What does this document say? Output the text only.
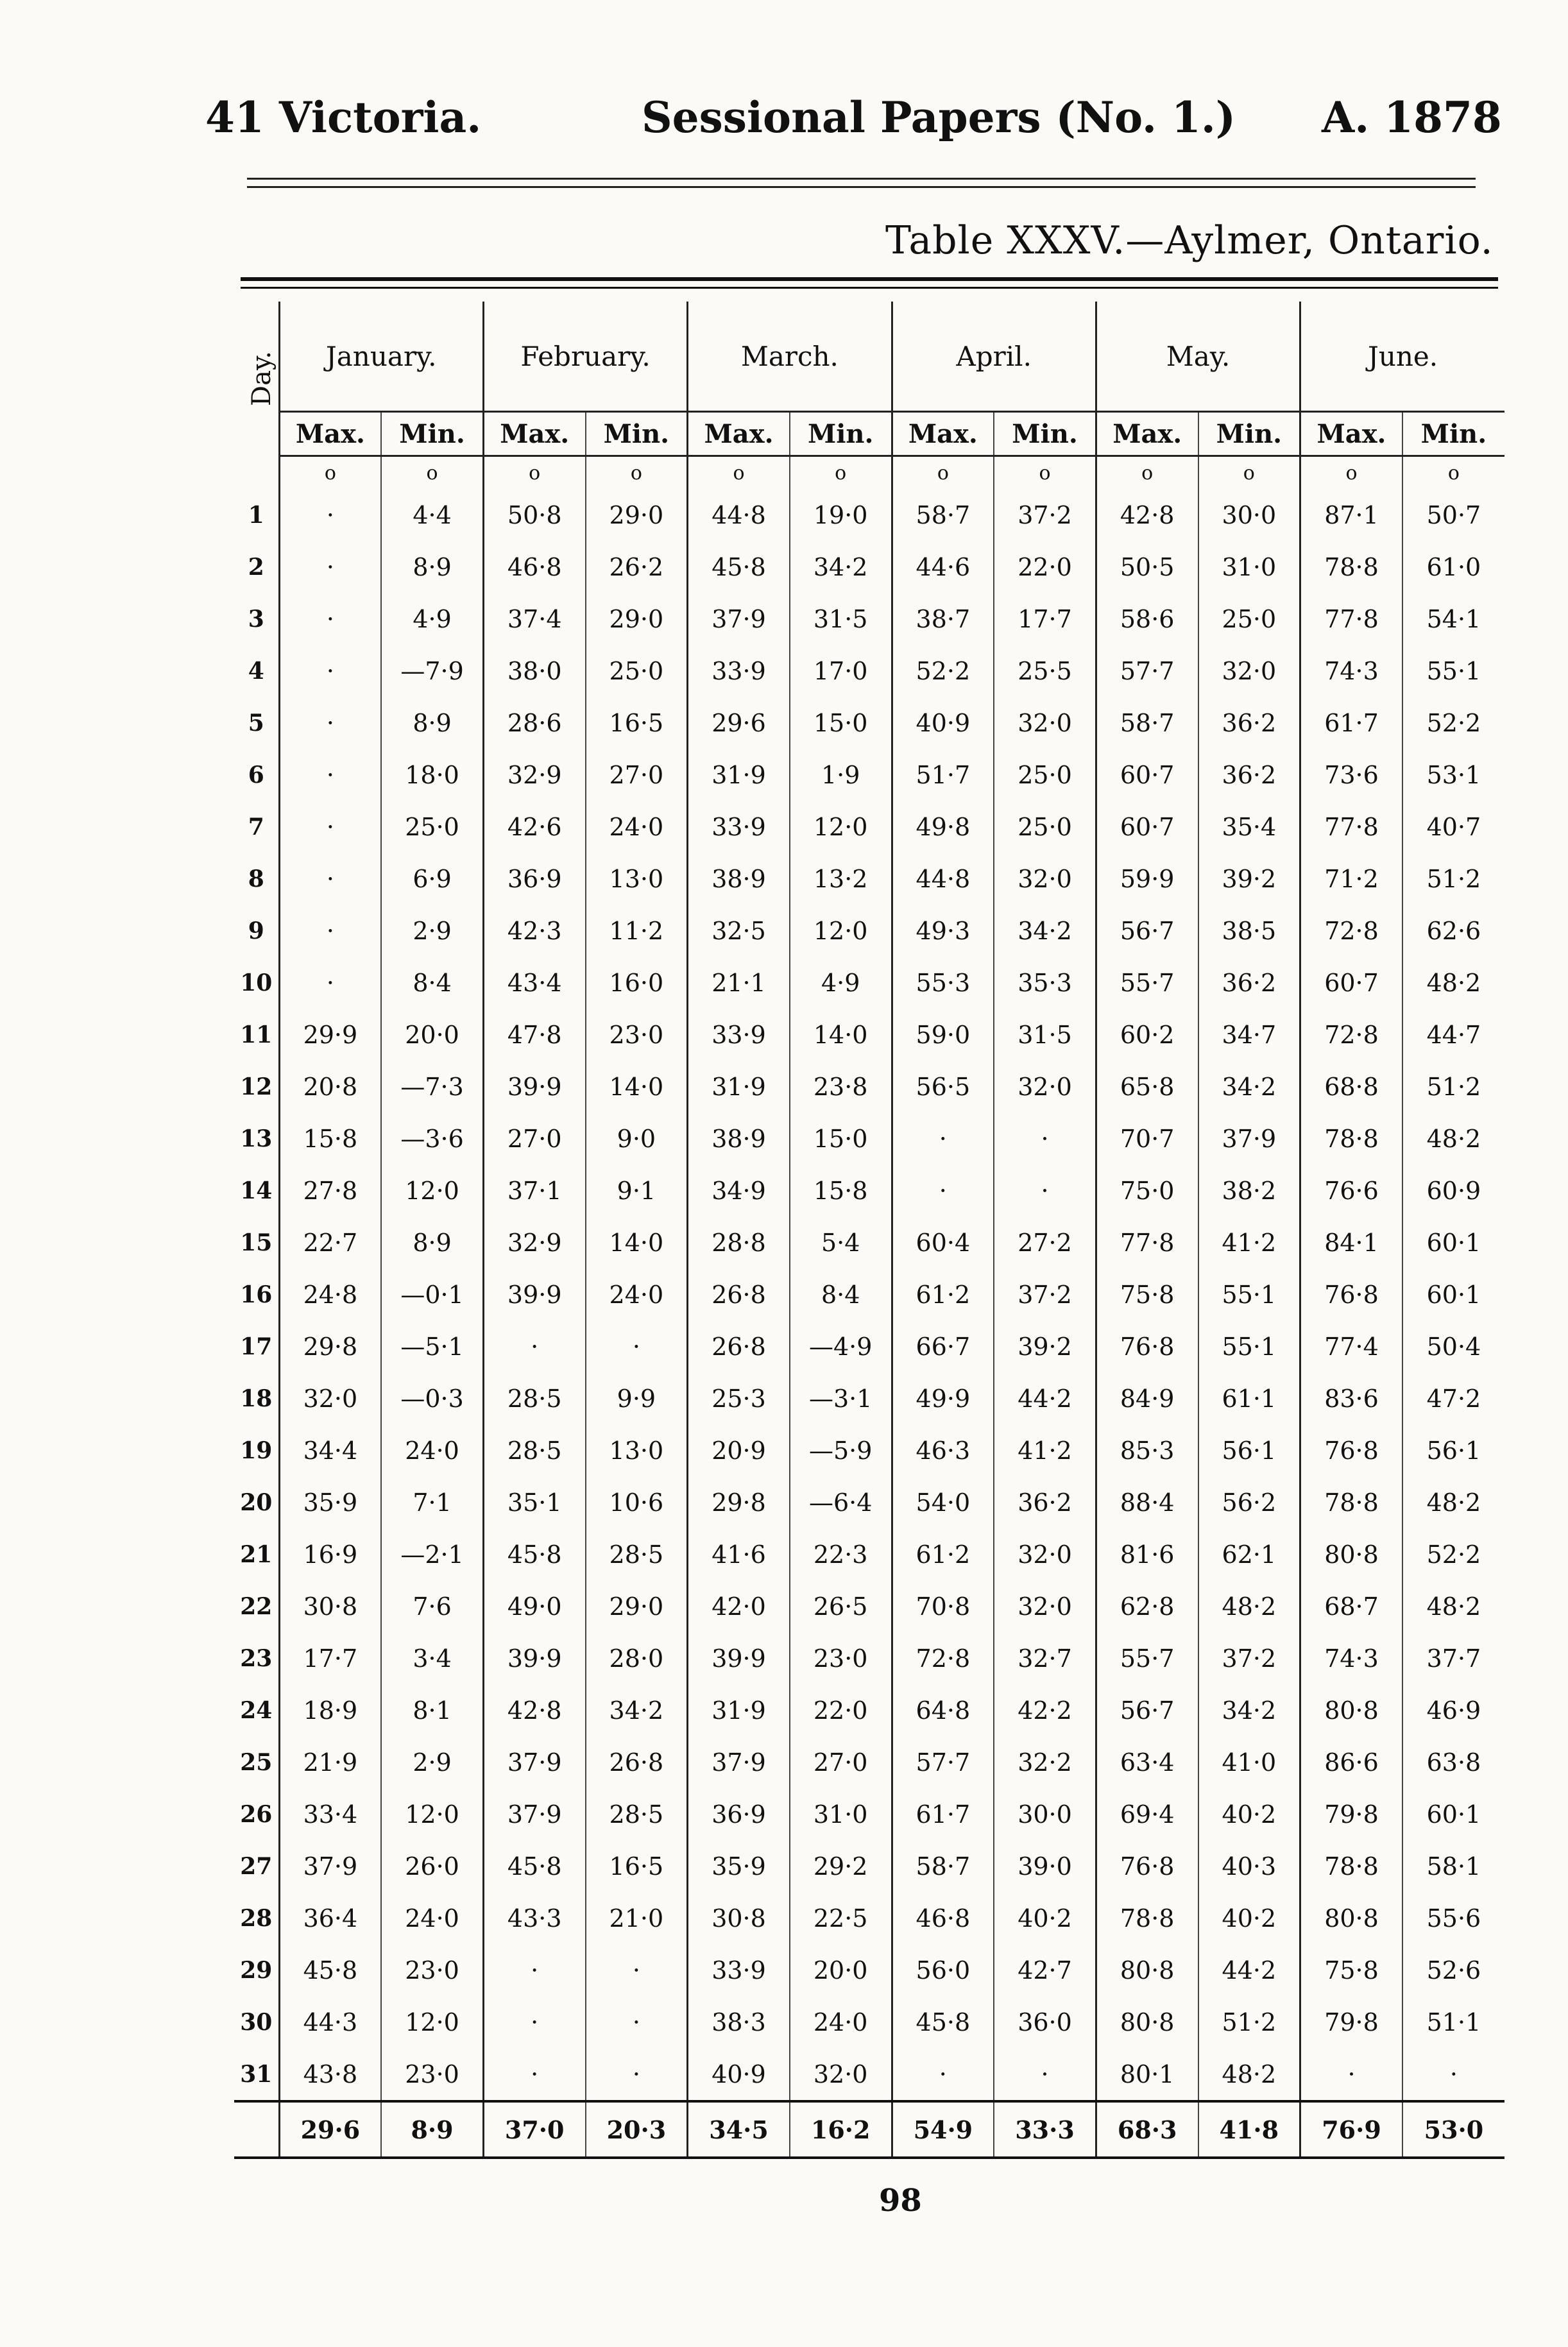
41 Victoria.	Sessional Papers (No. 1.) A. 1878
Table XXXV.—Aylmer, Ontario.
Day.	January.		February.		March.		April.		May.		June.	
	Max.	Min.	Max.	Min.	Max.	Min.	Max.	Min.	Max.	Min.	Max.	Min.
	o	o	o	o	o	o	o	o	o	o	o	o
1	·	4·4	50·8	29·0	44·8	19·0	58·7	37·2	42·8	30·0	87·1	50·7
2	·	8·9	46·8	26·2	45·8	34·2	44·6	22·0	50·5	31·0	78·8	61·0
3	·	4·9	37·4	29·0	37·9	31·5	38·7	17·7	58·6	25·0	77·8	54·1
4	·	—7·9	38·0	25·0	33·9	17·0	52·2	25·5	57·7	32·0	74·3	55·1
5	·	8·9	28·6	16·5	29·6	15·0	40·9	32·0	58·7	36·2	61·7	52·2
6	·	18·0	32·9	27·0	31·9	1·9	51·7	25·0	60·7	36·2	73·6	53·1
7	·	25·0	42·6	24·0	33·9	12·0	49·8	25·0	60·7	35·4	77·8	40·7
8	·	6·9	36·9	13·0	38·9	13·2	44·8	32·0	59·9	39·2	71·2	51·2
9	·	2·9	42·3	11·2	32·5	12·0	49·3	34·2	56·7	38·5	72·8	62·6
10	·	8·4	43·4	16·0	21·1	4·9	55·3	35·3	55·7	36·2	60·7	48·2
11	29·9	20·0	47·8	23·0	33·9	14·0	59·0	31·5	60·2	34·7	72·8	44·7
12	20·8	—7·3	39·9	14·0	31·9	23·8	56·5	32·0	65·8	34·2	68·8	51·2
13	15·8	—3·6	27·0	9·0	38·9	15·0	·	·	70·7	37·9	78·8	48·2
14	27·8	12·0	37·1	9·1	34·9	15·8	·	·	75·0	38·2	76·6	60·9
15	22·7	8·9	32·9	14·0	28·8	5·4	60·4	27·2	77·8	41·2	84·1	60·1
16	24·8	—0·1	39·9	24·0	26·8	8·4	61·2	37·2	75·8	55·1	76·8	60·1
17	29·8	—5·1	·	·	26·8	—4·9	66·7	39·2	76·8	55·1	77·4	50·4
18	32·0	—0·3	28·5	9·9	25·3	—3·1	49·9	44·2	84·9	61·1	83·6	47·2
19	34·4	24·0	28·5	13·0	20·9	—5·9	46·3	41·2	85·3	56·1	76·8	56·1
20	35·9	7·1	35·1	10·6	29·8	—6·4	54·0	36·2	88·4	56·2	78·8	48·2
21	16·9	—2·1	45·8	28·5	41·6	22·3	61·2	32·0	81·6	62·1	80·8	52·2
22	30·8	7·6	49·0	29·0	42·0	26·5	70·8	32·0	62·8	48·2	68·7	48·2
23	17·7	3·4	39·9	28·0	39·9	23·0	72·8	32·7	55·7	37·2	74·3	37·7
24	18·9	8·1	42·8	34·2	31·9	22·0	64·8	42·2	56·7	34·2	80·8	46·9
25	21·9	2·9	37·9	26·8	37·9	27·0	57·7	32·2	63·4	41·0	86·6	63·8
26	33·4	12·0	37·9	28·5	36·9	31·0	61·7	30·0	69·4	40·2	79·8	60·1
27	37·9	26·0	45·8	16·5	35·9	29·2	58·7	39·0	76·8	40·3	78·8	58·1
28	36·4	24·0	43·3	21·0	30·8	22·5	46·8	40·2	78·8	40·2	80·8	55·6
29	45·8	23·0	·	·	33·9	20·0	56·0	42·7	80·8	44·2	75·8	52·6
30	44·3	12·0	·	·	38·3	24·0	45·8	36·0	80·8	51·2	79·8	51·1
31	43·8	23·0	·	·	40·9	32·0	·	·	80·1	48·2	·	·
	29·6	8·9	37·0	20·3	34·5	16·2	54·9	33·3	68·3	41·8	76·9	53·0
98
